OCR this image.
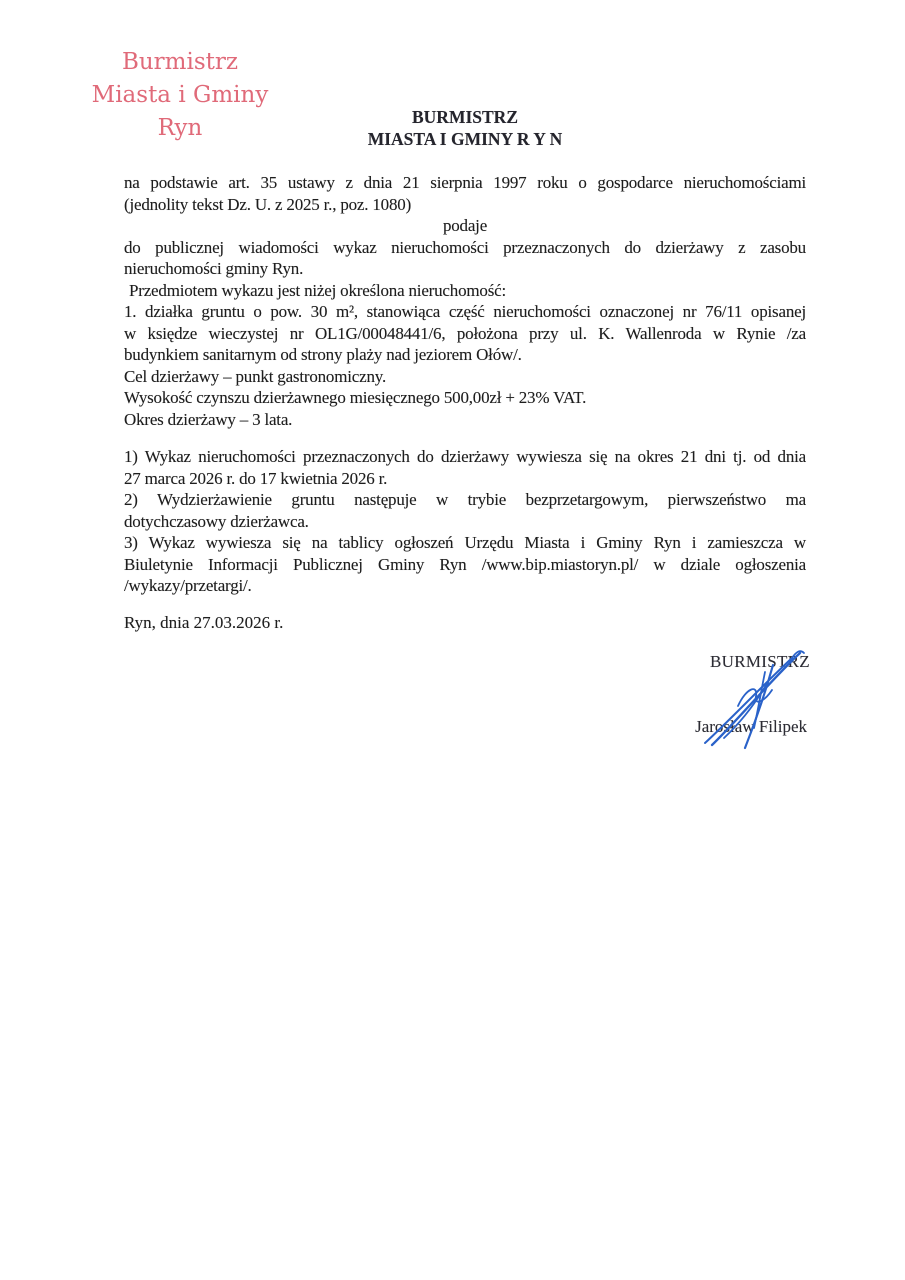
Burmistrz
Miasta i Gminy Ryn	BURMISTRZ
MIASTA I GMINY R Y N
na podstawie art. 35 ustawy z dnia 21 sierpnia 1997 roku o gospodarce nieruchomościami
(jednolity tekst Dz. U. z 2025 r., poz. 1080)
podaje
do publicznej wiadomości wykaz nieruchomości przeznaczonych do dzierżawy z zasobu
nieruchomości gminy Ryn.
Przedmiotem wykazu jest niżej określona nieruchomość:
1. działka gruntu o pow. 30 m², stanowiąca część nieruchomości oznaczonej nr 76/11 opisanej
w księdze wieczystej nr OL1G/00048441/6, położona przy ul. K. Wallenroda w Rynie /za
budynkiem sanitarnym od strony plaży nad jeziorem Ołów/.
Cel dzierżawy – punkt gastronomiczny.
Wysokość czynszu dzierżawnego miesięcznego 500,00zł + 23% VAT.
Okres dzierżawy – 3 lata.
1) Wykaz nieruchomości przeznaczonych do dzierżawy wywiesza się na okres 21 dni tj. od dnia
27 marca 2026 r. do 17 kwietnia 2026 r.
2) Wydzierżawienie gruntu następuje w trybie bezprzetargowym, pierwszeństwo ma
dotychczasowy dzierżawca.
3) Wykaz wywiesza się na tablicy ogłoszeń Urzędu Miasta i Gminy Ryn i zamieszcza w
Biuletynie Informacji Publicznej Gminy Ryn /www.bip.miastoryn.pl/ w dziale ogłoszenia
/wykazy/przetargi/.
Ryn, dnia 27.03.2026 r.
BURMISTRZ
Jarosław Filipek
